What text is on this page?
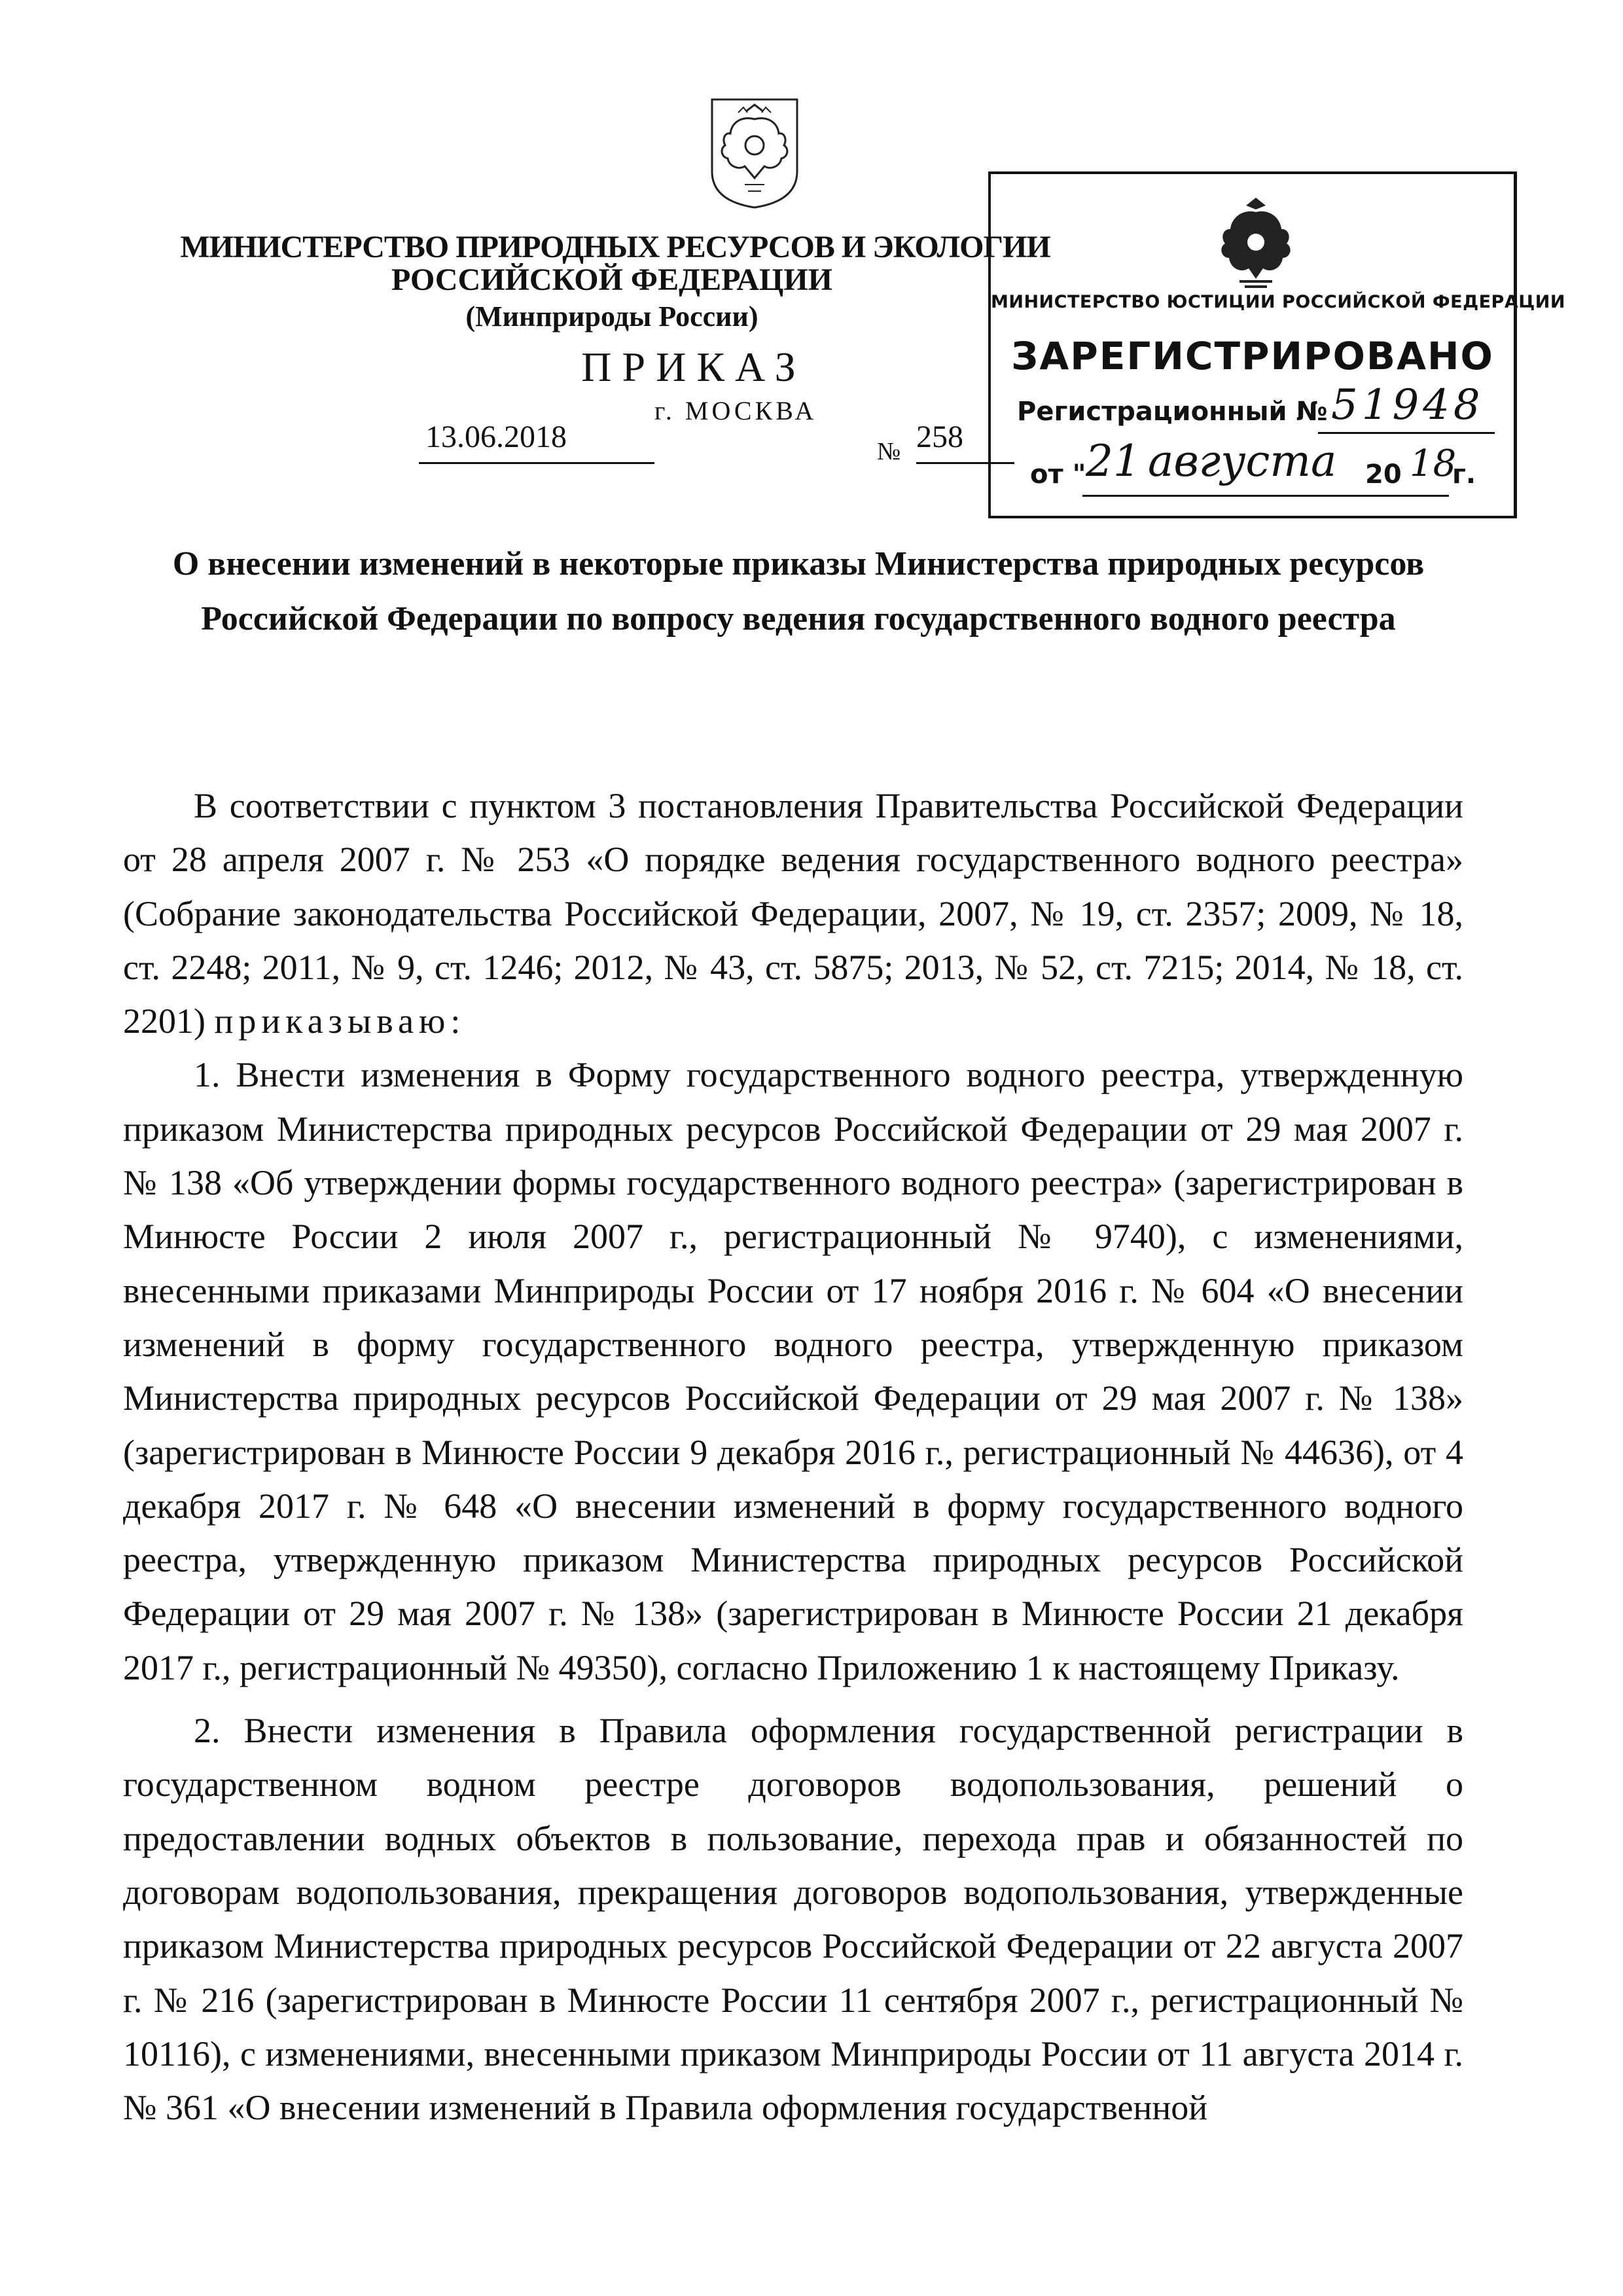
МИНИСТЕРСТВО ПРИРОДНЫХ РЕСУРСОВ И ЭКОЛОГИИ
РОССИЙСКОЙ ФЕДЕРАЦИИ
(Минприроды России)
ПРИКАЗ
г. МОСКВА
13.06.2018	№ 258
МИНИСТЕРСТВО ЮСТИЦИИ РОССИЙСКОЙ ФЕДЕРАЦИИ
ЗАРЕГИСТРИРОВАНО
Регистрационный № 51948
от " 21 августа 20 18
г.
О внесении изменений в некоторые приказы Министерства природных ресурсов Российской Федерации по вопросу ведения государственного водного реестра

В соответствии с пунктом 3 постановления Правительства Российской Федерации от 28 апреля 2007 г. № 253 «О порядке ведения государственного водного реестра» (Собрание законодательства Российской Федерации, 2007, № 19, ст. 2357; 2009, № 18, ст. 2248; 2011, № 9, ст. 1246; 2012, № 43, ст. 5875; 2013, № 52, ст. 7215; 2014, № 18, ст. 2201) приказываю:

1. Внести изменения в Форму государственного водного реестра, утвержденную приказом Министерства природных ресурсов Российской Федерации от 29 мая 2007 г. № 138 «Об утверждении формы государственного водного реестра» (зарегистрирован в Минюсте России 2 июля 2007 г., регистрационный № 9740), с изменениями, внесенными приказами Минприроды России от 17 ноября 2016 г. № 604 «О внесении изменений в форму государственного водного реестра, утвержденную приказом Министерства природных ресурсов Российской Федерации от 29 мая 2007 г. № 138» (зарегистрирован в Минюсте России 9 декабря 2016 г., регистрационный № 44636), от 4 декабря 2017 г. № 648 «О внесении изменений в форму государственного водного реестра, утвержденную приказом Министерства природных ресурсов Российской Федерации от 29 мая 2007 г. № 138» (зарегистрирован в Минюсте России 21 декабря 2017 г., регистрационный № 49350), согласно Приложению 1 к настоящему Приказу.

2. Внести изменения в Правила оформления государственной регистрации в государственном водном реестре договоров водопользования, решений о предоставлении водных объектов в пользование, перехода прав и обязанностей по договорам водопользования, прекращения договоров водопользования, утвержденные приказом Министерства природных ресурсов Российской Федерации от 22 августа 2007 г. № 216 (зарегистрирован в Минюсте России 11 сентября 2007 г., регистрационный № 10116), с изменениями, внесенными приказом Минприроды России от 11 августа 2014 г. № 361 «О внесении изменений в Правила оформления государственной
